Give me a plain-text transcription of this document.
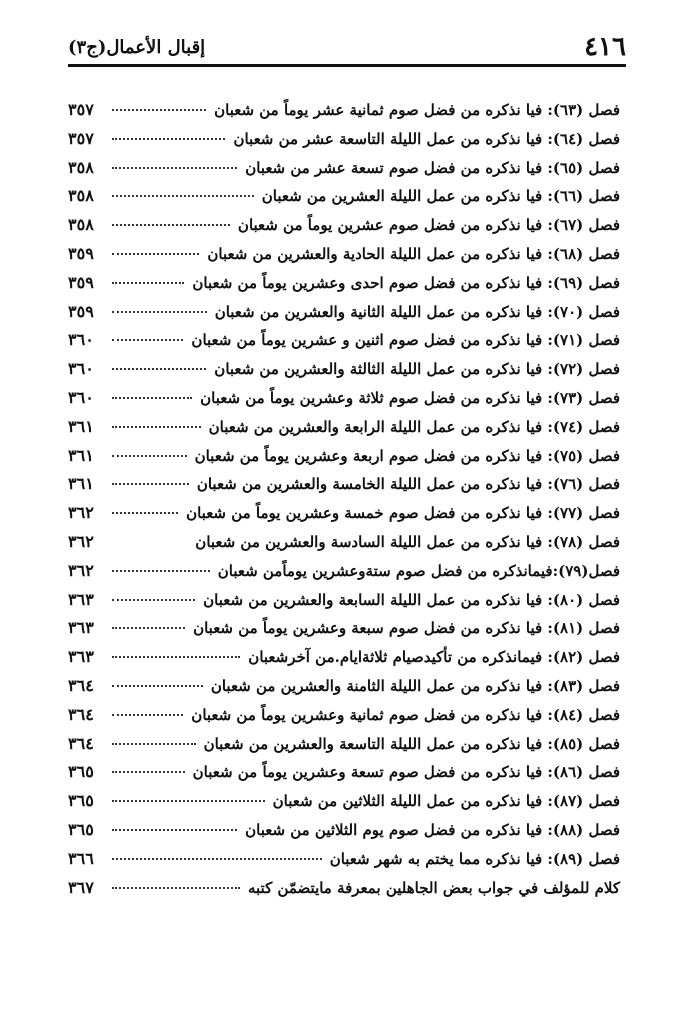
٤١٦
إقبال الأعمال(ج٣)
فصل (٦٣): فيا نذكره من فضل صوم ثمانية عشر يوماً من شعبان
٣٥٧
فصل (٦٤): فيا نذكره من عمل الليلة التاسعة عشر من شعبان
٣٥٧
فصل (٦٥): فيا نذكره من فضل صوم تسعة عشر من شعبان
٣٥٨
فصل (٦٦): فيا نذكره من عمل الليلة العشرين من شعبان
٣٥٨
فصل (٦٧): فيا نذكره من فضل صوم عشرين يوماً من شعبان
٣٥٨
فصل (٦٨): فيا نذكره من عمل الليلة الحادية والعشرين من شعبان
٣٥٩
فصل (٦٩): فيا نذكره من فضل صوم احدى وعشرين يوماً من شعبان
٣٥٩
فصل (٧٠): فيا نذكره من عمل الليلة الثانية والعشرين من شعبان
٣٥٩
فصل (٧١): فيا نذكره من فضل صوم اثنين و عشرين يوماً من شعبان
٣٦٠
فصل (٧٢): فيا نذكره من عمل الليلة الثالثة والعشرين من شعبان
٣٦٠
فصل (٧٣): فيا نذكره من فضل صوم ثلاثة وعشرين يوماً من شعبان
٣٦٠
فصل (٧٤): فيا نذكره من عمل الليلة الرابعة والعشرين من شعبان
٣٦١
فصل (٧٥): فيا نذكره من فضل صوم اربعة وعشرين يوماً من شعبان
٣٦١
فصل (٧٦): فيا نذكره من عمل الليلة الخامسة والعشرين من شعبان
٣٦١
فصل (٧٧): فيا نذكره من فضل صوم خمسة وعشرين يوماً من شعبان
٣٦٢
فصل (٧٨): فيا نذكره من عمل الليلة السادسة والعشرين من شعبان
٣٦٢
فصل(٧٩):فيمانذكره من فضل صوم ستةوعشرين يوماًمن شعبان
٣٦٢
فصل (٨٠): فيا نذكره من عمل الليلة السابعة والعشرين من شعبان
٣٦٣
فصل (٨١): فيا نذكره من فضل صوم سبعة وعشرين يوماً من شعبان
٣٦٣
فصل (٨٢): فيمانذكره من تأكيدصيام ثلاثةايام.من آخرشعبان
٣٦٣
فصل (٨٣): فيا نذكره من عمل الليلة الثامنة والعشرين من شعبان
٣٦٤
فصل (٨٤): فيا نذكره من فضل صوم ثمانية وعشرين يوماً من شعبان
٣٦٤
فصل (٨٥): فيا نذكره من عمل الليلة التاسعة والعشرين من شعبان
٣٦٤
فصل (٨٦): فيا نذكره من فضل صوم تسعة وعشرين يوماً من شعبان
٣٦٥
فصل (٨٧): فيا نذكره من عمل الليلة الثلاثين من شعبان
٣٦٥
فصل (٨٨): فيا نذكره من فضل صوم يوم الثلاثين من شعبان
٣٦٥
فصل (٨٩): فيا نذكره مما يختم به شهر شعبان
٣٦٦
كلام للمؤلف في جواب بعض الجاهلين بمعرفة مايتضمّن كتبه
٣٦٧
